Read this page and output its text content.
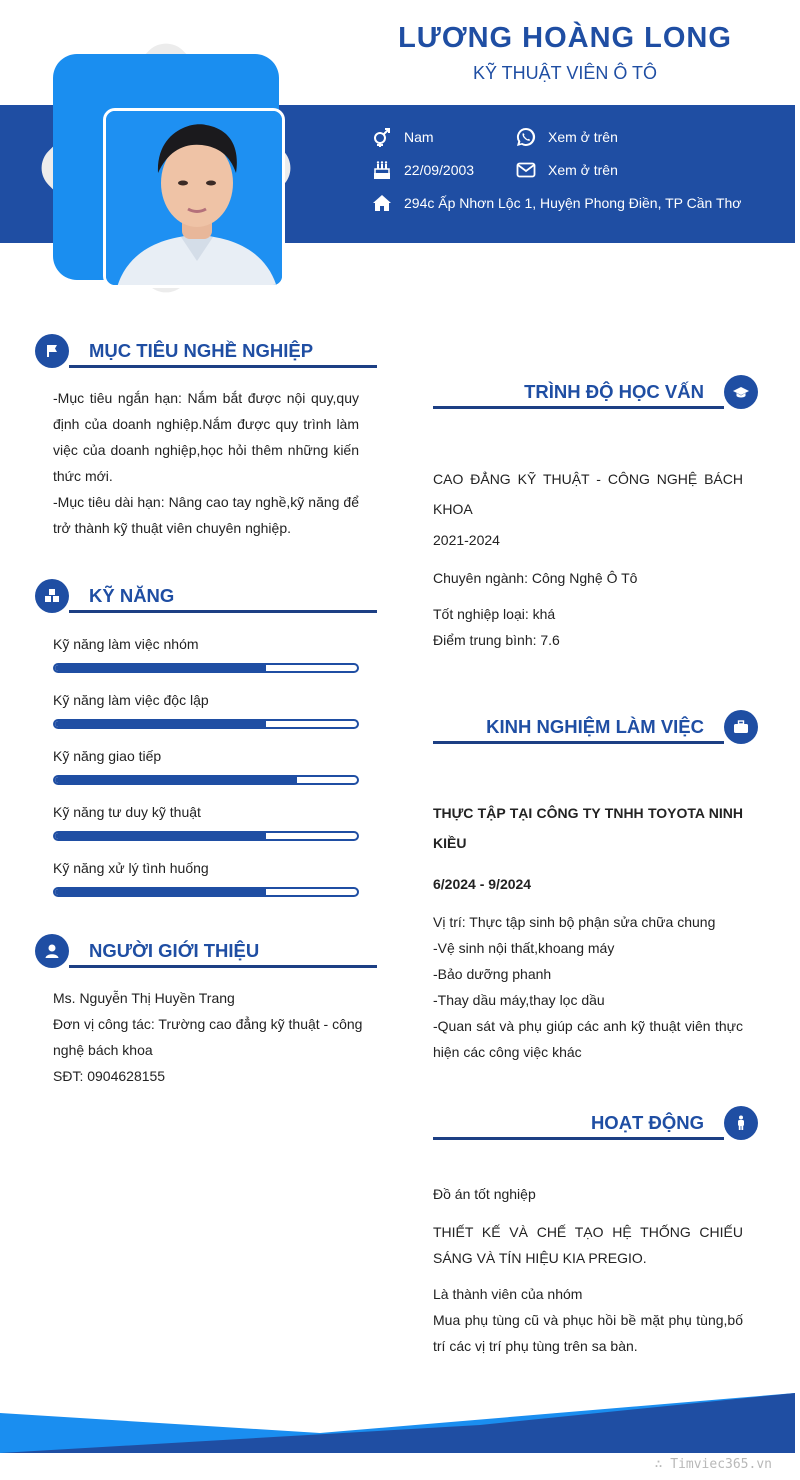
LƯƠNG HOÀNG LONG
KỸ THUẬT VIÊN Ô TÔ
Nam	Xem ở trên
22/09/2003	Xem ở trên
294c Ấp Nhơn Lộc 1, Huyện Phong Điền, TP Cần Thơ
MỤC TIÊU NGHỀ NGHIỆP
-Mục tiêu ngắn hạn: Nắm bắt được nội quy,quy định của doanh nghiệp.Nắm được quy trình làm việc của doanh nghiệp,học hỏi thêm những kiến thức mới.
-Mục tiêu dài hạn: Nâng cao tay nghề,kỹ năng để trở thành kỹ thuật viên chuyên nghiệp.
KỸ NĂNG
Kỹ năng làm việc nhóm
Kỹ năng làm việc độc lập
Kỹ năng giao tiếp
Kỹ năng tư duy kỹ thuật
Kỹ năng xử lý tình huống
NGƯỜI GIỚI THIỆU
Ms. Nguyễn Thị Huyền Trang
Đơn vị công tác: Trường cao đẳng kỹ thuật - công nghệ bách khoa
SĐT: 0904628155
TRÌNH ĐỘ HỌC VẤN
CAO ĐẲNG KỸ THUẬT - CÔNG NGHỆ BÁCH KHOA
2021-2024
Chuyên ngành: Công Nghệ Ô Tô
Tốt nghiệp loại: khá
Điểm trung bình: 7.6
KINH NGHIỆM LÀM VIỆC
THỰC TẬP TẠI CÔNG TY TNHH TOYOTA NINH KIỀU
6/2024 - 9/2024
Vị trí: Thực tập sinh bộ phận sửa chữa chung
-Vệ sinh nội thất,khoang máy
-Bảo dưỡng phanh
-Thay dầu máy,thay lọc dầu
-Quan sát và phụ giúp các anh kỹ thuật viên thực hiện các công việc khác
HOẠT ĐỘNG
Đồ án tốt nghiệp
THIẾT KẾ VÀ CHẾ TẠO HỆ THỐNG CHIẾU SÁNG VÀ TÍN HIỆU KIA PREGIO.
Là thành viên của nhóm
Mua phụ tùng cũ và phục hồi bề mặt phụ tùng,bố trí các vị trí phụ tùng trên sa bàn.
∴ Timviec365.vn
